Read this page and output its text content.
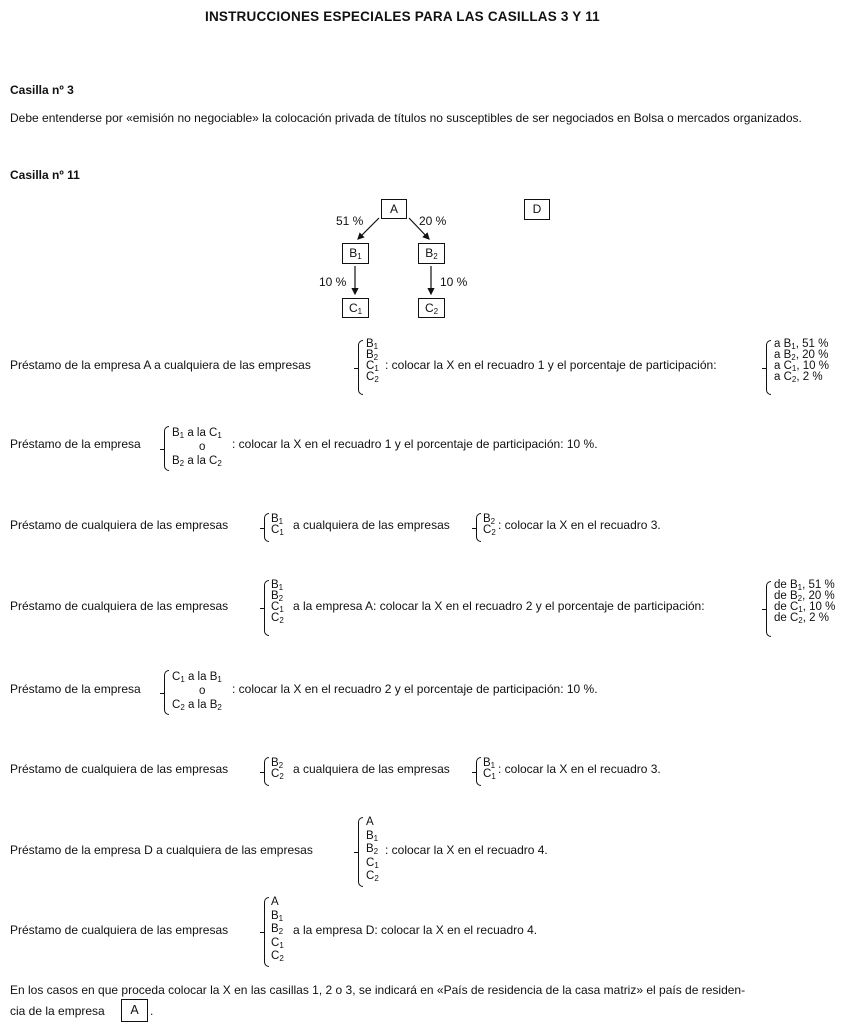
INSTRUCCIONES ESPECIALES PARA LAS CASILLAS 3 Y 11
Casilla nº 3
Debe entenderse por «emisión no negociable» la colocación privada de títulos no susceptibles de ser negociados en Bolsa o mercados organizados.
Casilla nº 11
A	D
$B_1$	$B_2$
$C_1$	$C_2$
51 %	20 %
10 %	10 %
Préstamo de la empresa A a cualquiera de las empresas
$B_1$
$B_2$
$C_1$
$C_2$
: colocar la X en el recuadro 1 y el porcentaje de participación:
a $B_1$, 51 %
a $B_2$, 20 %
a $C_1$, 10 %
a $C_2$, 2 %
Préstamo de la empresa
$B_1$ a la $C_1$
o
$B_2$ a la $C_2$
: colocar la X en el recuadro 1 y el porcentaje de participación: 10 %.
Préstamo de cualquiera de las empresas	$B_1$
$C_1$
a cualquiera de las empresas	$B_2$
$C_2$
: colocar la X en el recuadro 3.
Préstamo de cualquiera de las empresas
$B_1$
$B_2$
$C_1$
$C_2$
a la empresa A: colocar la X en el recuadro 2 y el porcentaje de participación:
de $B_1$, 51 %
de $B_2$, 20 %
de $C_1$, 10 %
de $C_2$, 2 %
Préstamo de la empresa
$C_1$ a la $B_1$
o
$C_2$ a la $B_2$
: colocar la X en el recuadro 2 y el porcentaje de participación: 10 %.
Préstamo de cualquiera de las empresas	$B_2$
$C_2$
a cualquiera de las empresas	$B_1$
$C_1$
: colocar la X en el recuadro 3.
Préstamo de la empresa D a cualquiera de las empresas
A
$B_1$
$B_2$
$C_1$
$C_2$
: colocar la X en el recuadro 4.
Préstamo de cualquiera de las empresas
A
$B_1$
$B_2$
$C_1$
$C_2$
a la empresa D: colocar la X en el recuadro 4.
En los casos en que proceda colocar la X en las casillas 1, 2 o 3, se indicará en «País de residencia de la casa matriz» el país de residen-
cia de la empresa	A .
